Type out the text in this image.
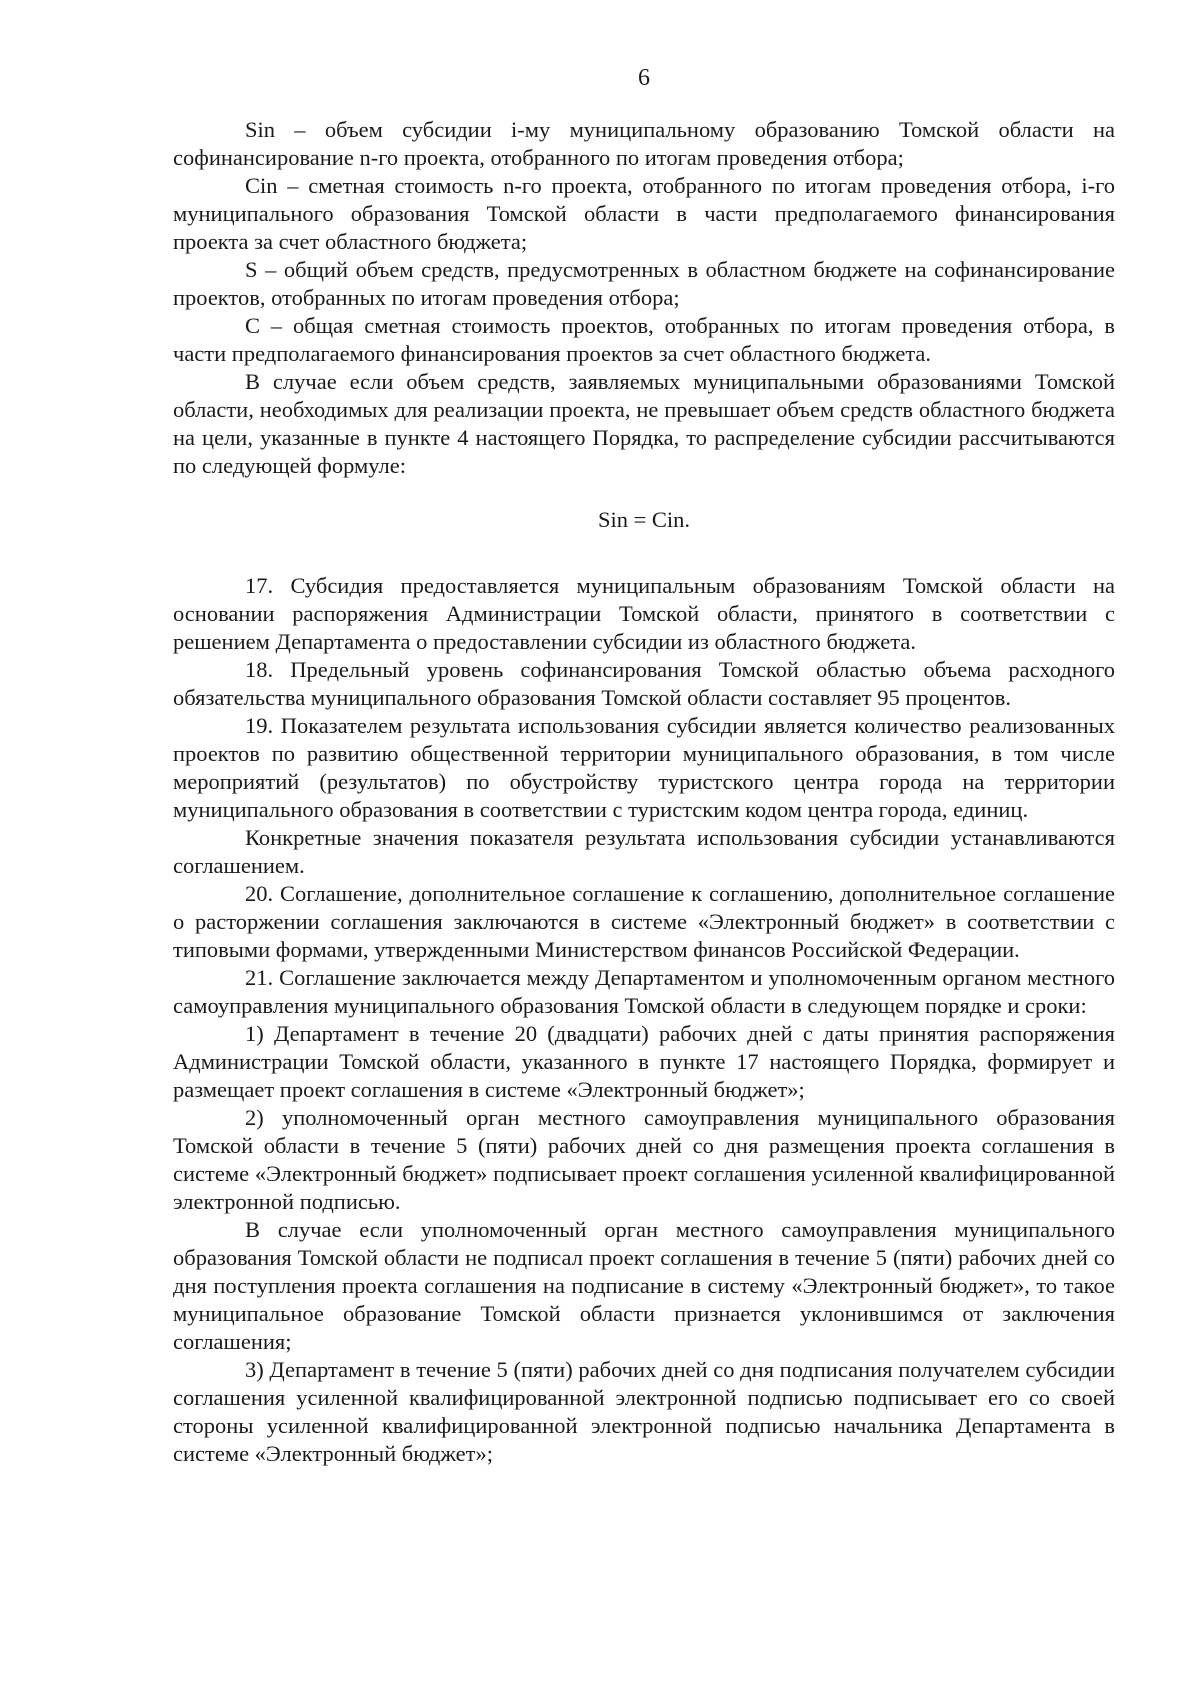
6

Sin – объем субсидии i-му муниципальному образованию Томской области на софинансирование n-го проекта, отобранного по итогам проведения отбора;

Cin – сметная стоимость n-го проекта, отобранного по итогам проведения отбора, i-го муниципального образования Томской области в части предполагаемого финансирования проекта за счет областного бюджета;

S – общий объем средств, предусмотренных в областном бюджете на софинансирование проектов, отобранных по итогам проведения отбора;

C – общая сметная стоимость проектов, отобранных по итогам проведения отбора, в части предполагаемого финансирования проектов за счет областного бюджета.

В случае если объем средств, заявляемых муниципальными образованиями Томской области, необходимых для реализации проекта, не превышает объем средств областного бюджета на цели, указанные в пункте 4 настоящего Порядка, то распределение субсидии рассчитываются по следующей формуле:

Sin = Cin.

17. Субсидия предоставляется муниципальным образованиям Томской области на основании распоряжения Администрации Томской области, принятого в соответствии с решением Департамента о предоставлении субсидии из областного бюджета.

18. Предельный уровень софинансирования Томской областью объема расходного обязательства муниципального образования Томской области составляет 95 процентов.

19. Показателем результата использования субсидии является количество реализованных проектов по развитию общественной территории муниципального образования, в том числе мероприятий (результатов) по обустройству туристского центра города на территории муниципального образования в соответствии с туристским кодом центра города, единиц.

Конкретные значения показателя результата использования субсидии устанавливаются соглашением.

20. Соглашение, дополнительное соглашение к соглашению, дополнительное соглашение о расторжении соглашения заключаются в системе «Электронный бюджет» в соответствии с типовыми формами, утвержденными Министерством финансов Российской Федерации.

21. Соглашение заключается между Департаментом и уполномоченным органом местного самоуправления муниципального образования Томской области в следующем порядке и сроки:

1) Департамент в течение 20 (двадцати) рабочих дней с даты принятия распоряжения Администрации Томской области, указанного в пункте 17 настоящего Порядка, формирует и размещает проект соглашения в системе «Электронный бюджет»;

2) уполномоченный орган местного самоуправления муниципального образования Томской области в течение 5 (пяти) рабочих дней со дня размещения проекта соглашения в системе «Электронный бюджет» подписывает проект соглашения усиленной квалифицированной электронной подписью.

В случае если уполномоченный орган местного самоуправления муниципального образования Томской области не подписал проект соглашения в течение 5 (пяти) рабочих дней со дня поступления проекта соглашения на подписание в систему «Электронный бюджет», то такое муниципальное образование Томской области признается уклонившимся от заключения соглашения;

3) Департамент в течение 5 (пяти) рабочих дней со дня подписания получателем субсидии соглашения усиленной квалифицированной электронной подписью подписывает его со своей стороны усиленной квалифицированной электронной подписью начальника Департамента в системе «Электронный бюджет»;
